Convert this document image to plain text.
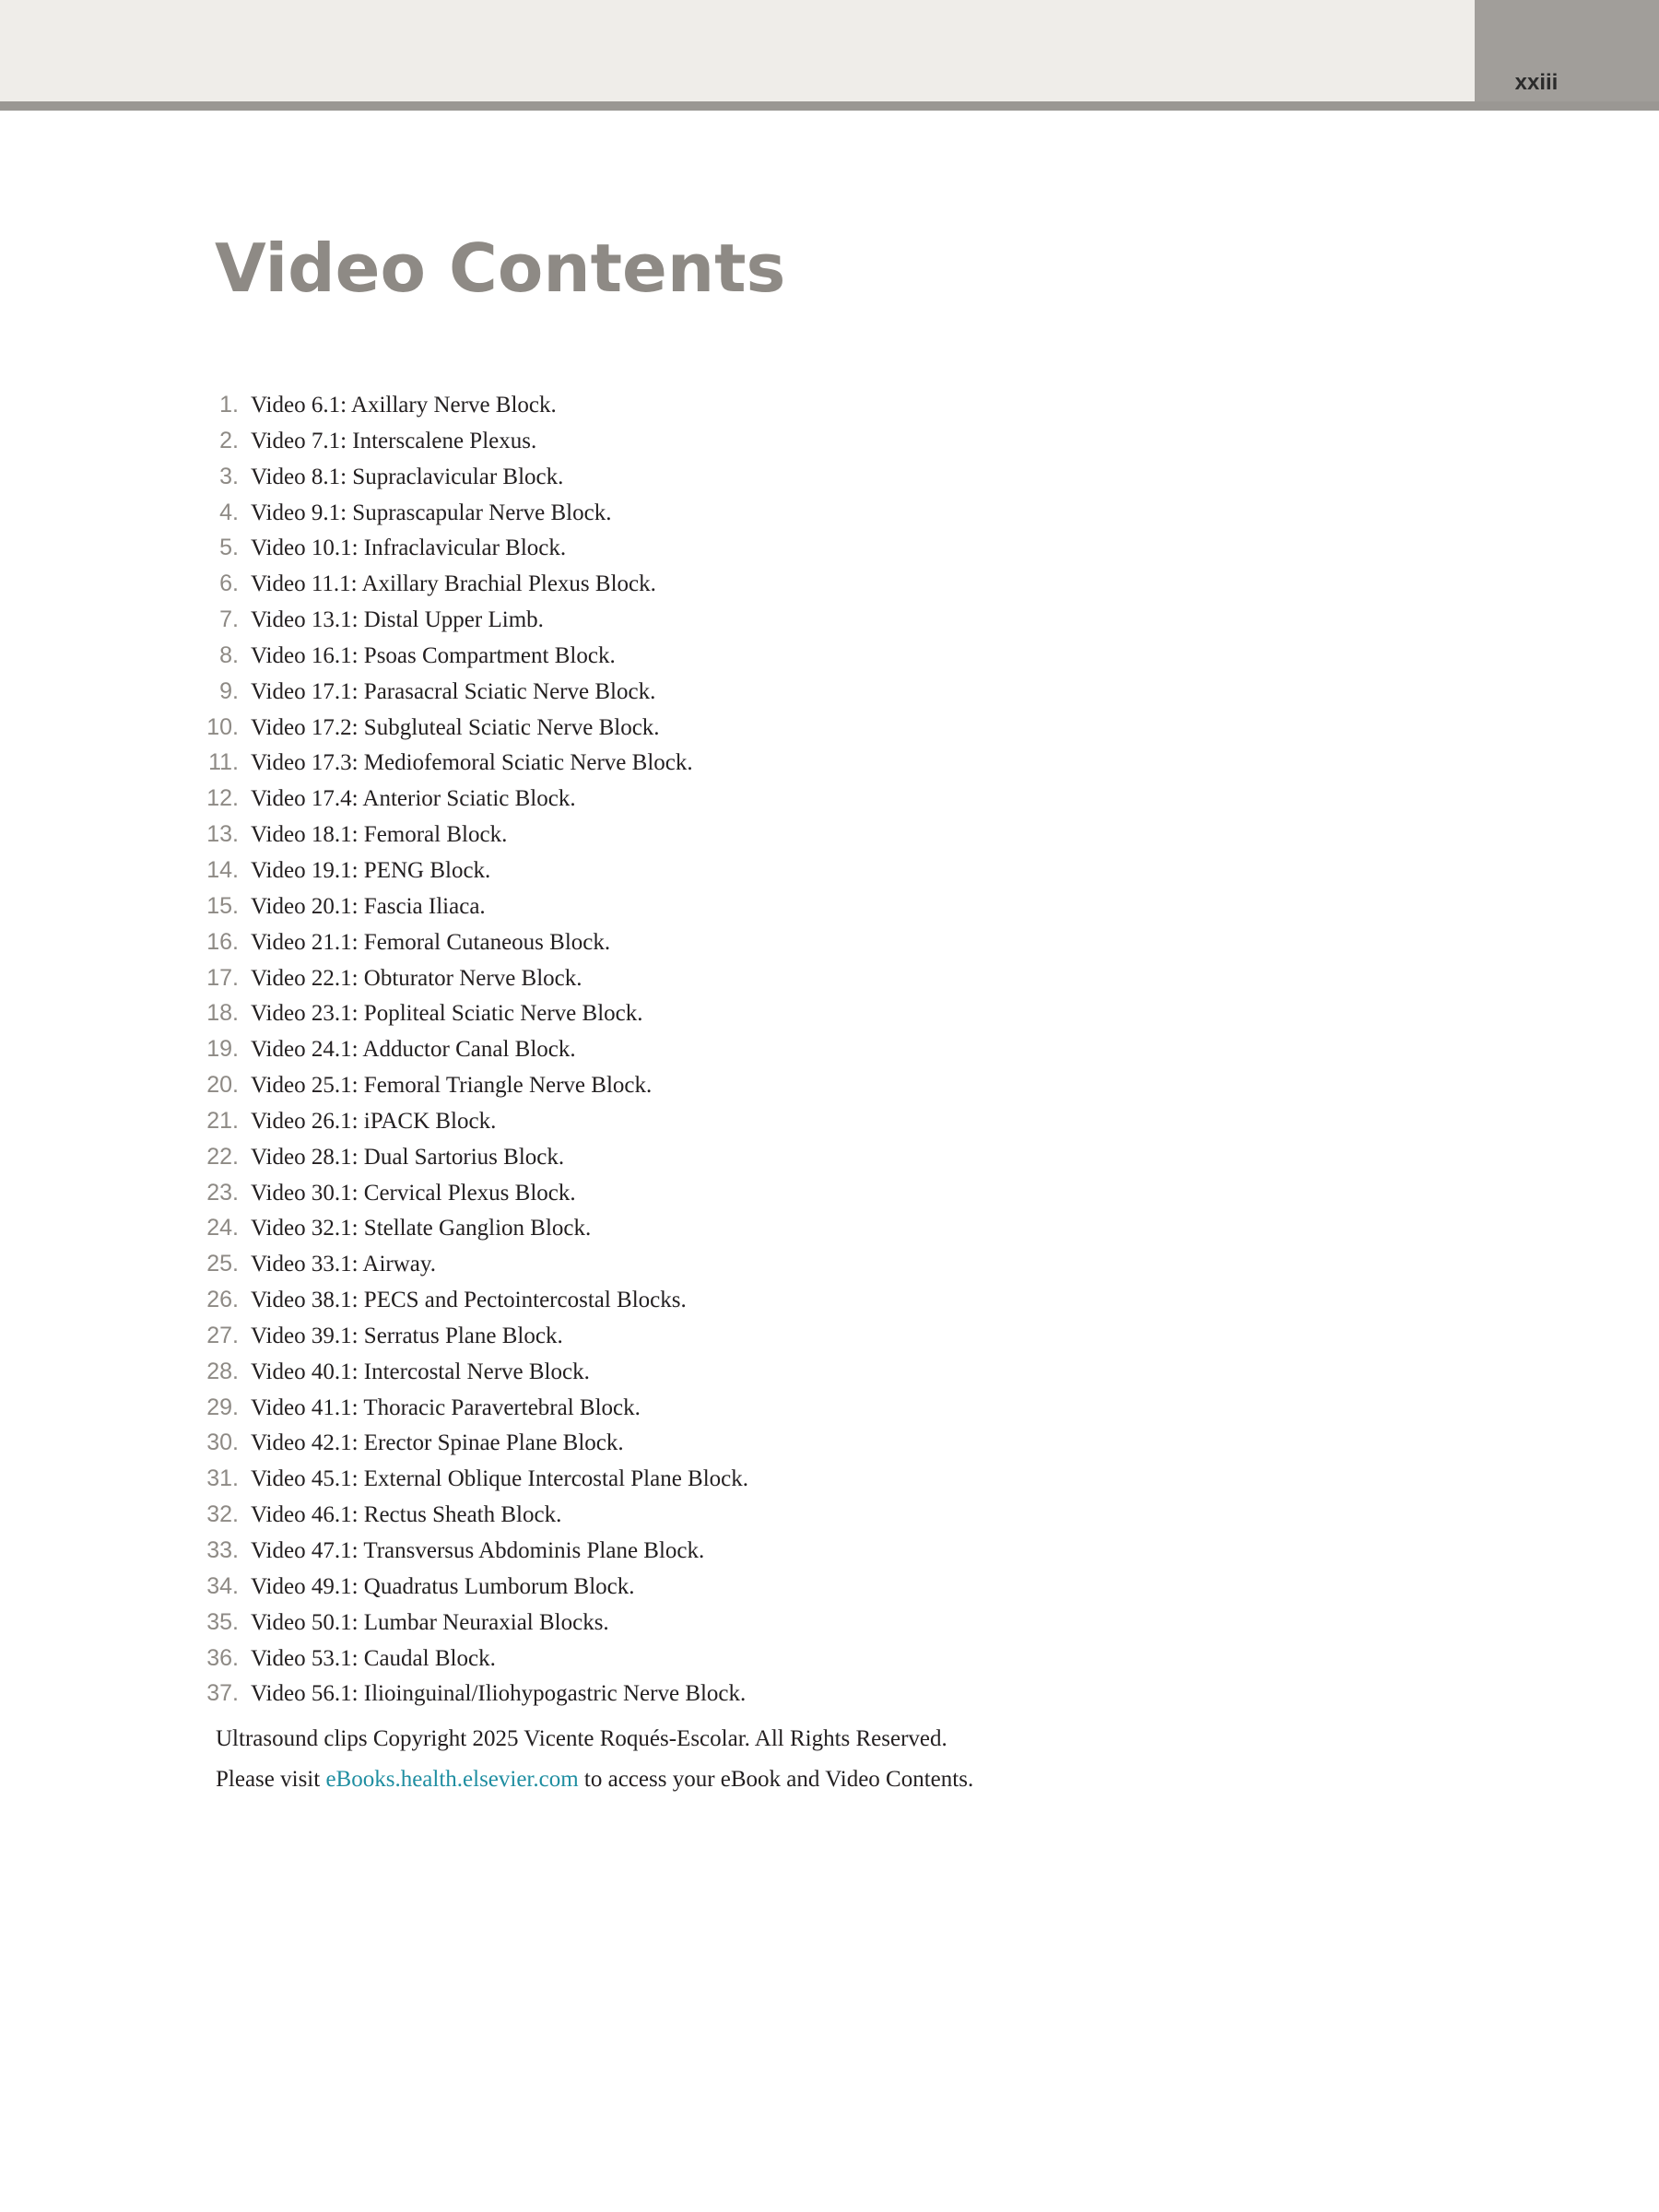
xxiii
Video Contents
1. Video 6.1: Axillary Nerve Block.
2. Video 7.1: Interscalene Plexus.
3. Video 8.1: Supraclavicular Block.
4. Video 9.1: Suprascapular Nerve Block.
5. Video 10.1: Infraclavicular Block.
6. Video 11.1: Axillary Brachial Plexus Block.
7. Video 13.1: Distal Upper Limb.
8. Video 16.1: Psoas Compartment Block.
9. Video 17.1: Parasacral Sciatic Nerve Block.
10. Video 17.2: Subgluteal Sciatic Nerve Block.
11. Video 17.3: Mediofemoral Sciatic Nerve Block.
12. Video 17.4: Anterior Sciatic Block.
13. Video 18.1: Femoral Block.
14. Video 19.1: PENG Block.
15. Video 20.1: Fascia Iliaca.
16. Video 21.1: Femoral Cutaneous Block.
17. Video 22.1: Obturator Nerve Block.
18. Video 23.1: Popliteal Sciatic Nerve Block.
19. Video 24.1: Adductor Canal Block.
20. Video 25.1: Femoral Triangle Nerve Block.
21. Video 26.1: iPACK Block.
22. Video 28.1: Dual Sartorius Block.
23. Video 30.1: Cervical Plexus Block.
24. Video 32.1: Stellate Ganglion Block.
25. Video 33.1: Airway.
26. Video 38.1: PECS and Pectointercostal Blocks.
27. Video 39.1: Serratus Plane Block.
28. Video 40.1: Intercostal Nerve Block.
29. Video 41.1: Thoracic Paravertebral Block.
30. Video 42.1: Erector Spinae Plane Block.
31. Video 45.1: External Oblique Intercostal Plane Block.
32. Video 46.1: Rectus Sheath Block.
33. Video 47.1: Transversus Abdominis Plane Block.
34. Video 49.1: Quadratus Lumborum Block.
35. Video 50.1: Lumbar Neuraxial Blocks.
36. Video 53.1: Caudal Block.
37. Video 56.1: Ilioinguinal/Iliohypogastric Nerve Block.

Ultrasound clips Copyright 2025 Vicente Roqués-Escolar. All Rights Reserved.

Please visit eBooks.health.elsevier.com to access your eBook and Video Contents.
